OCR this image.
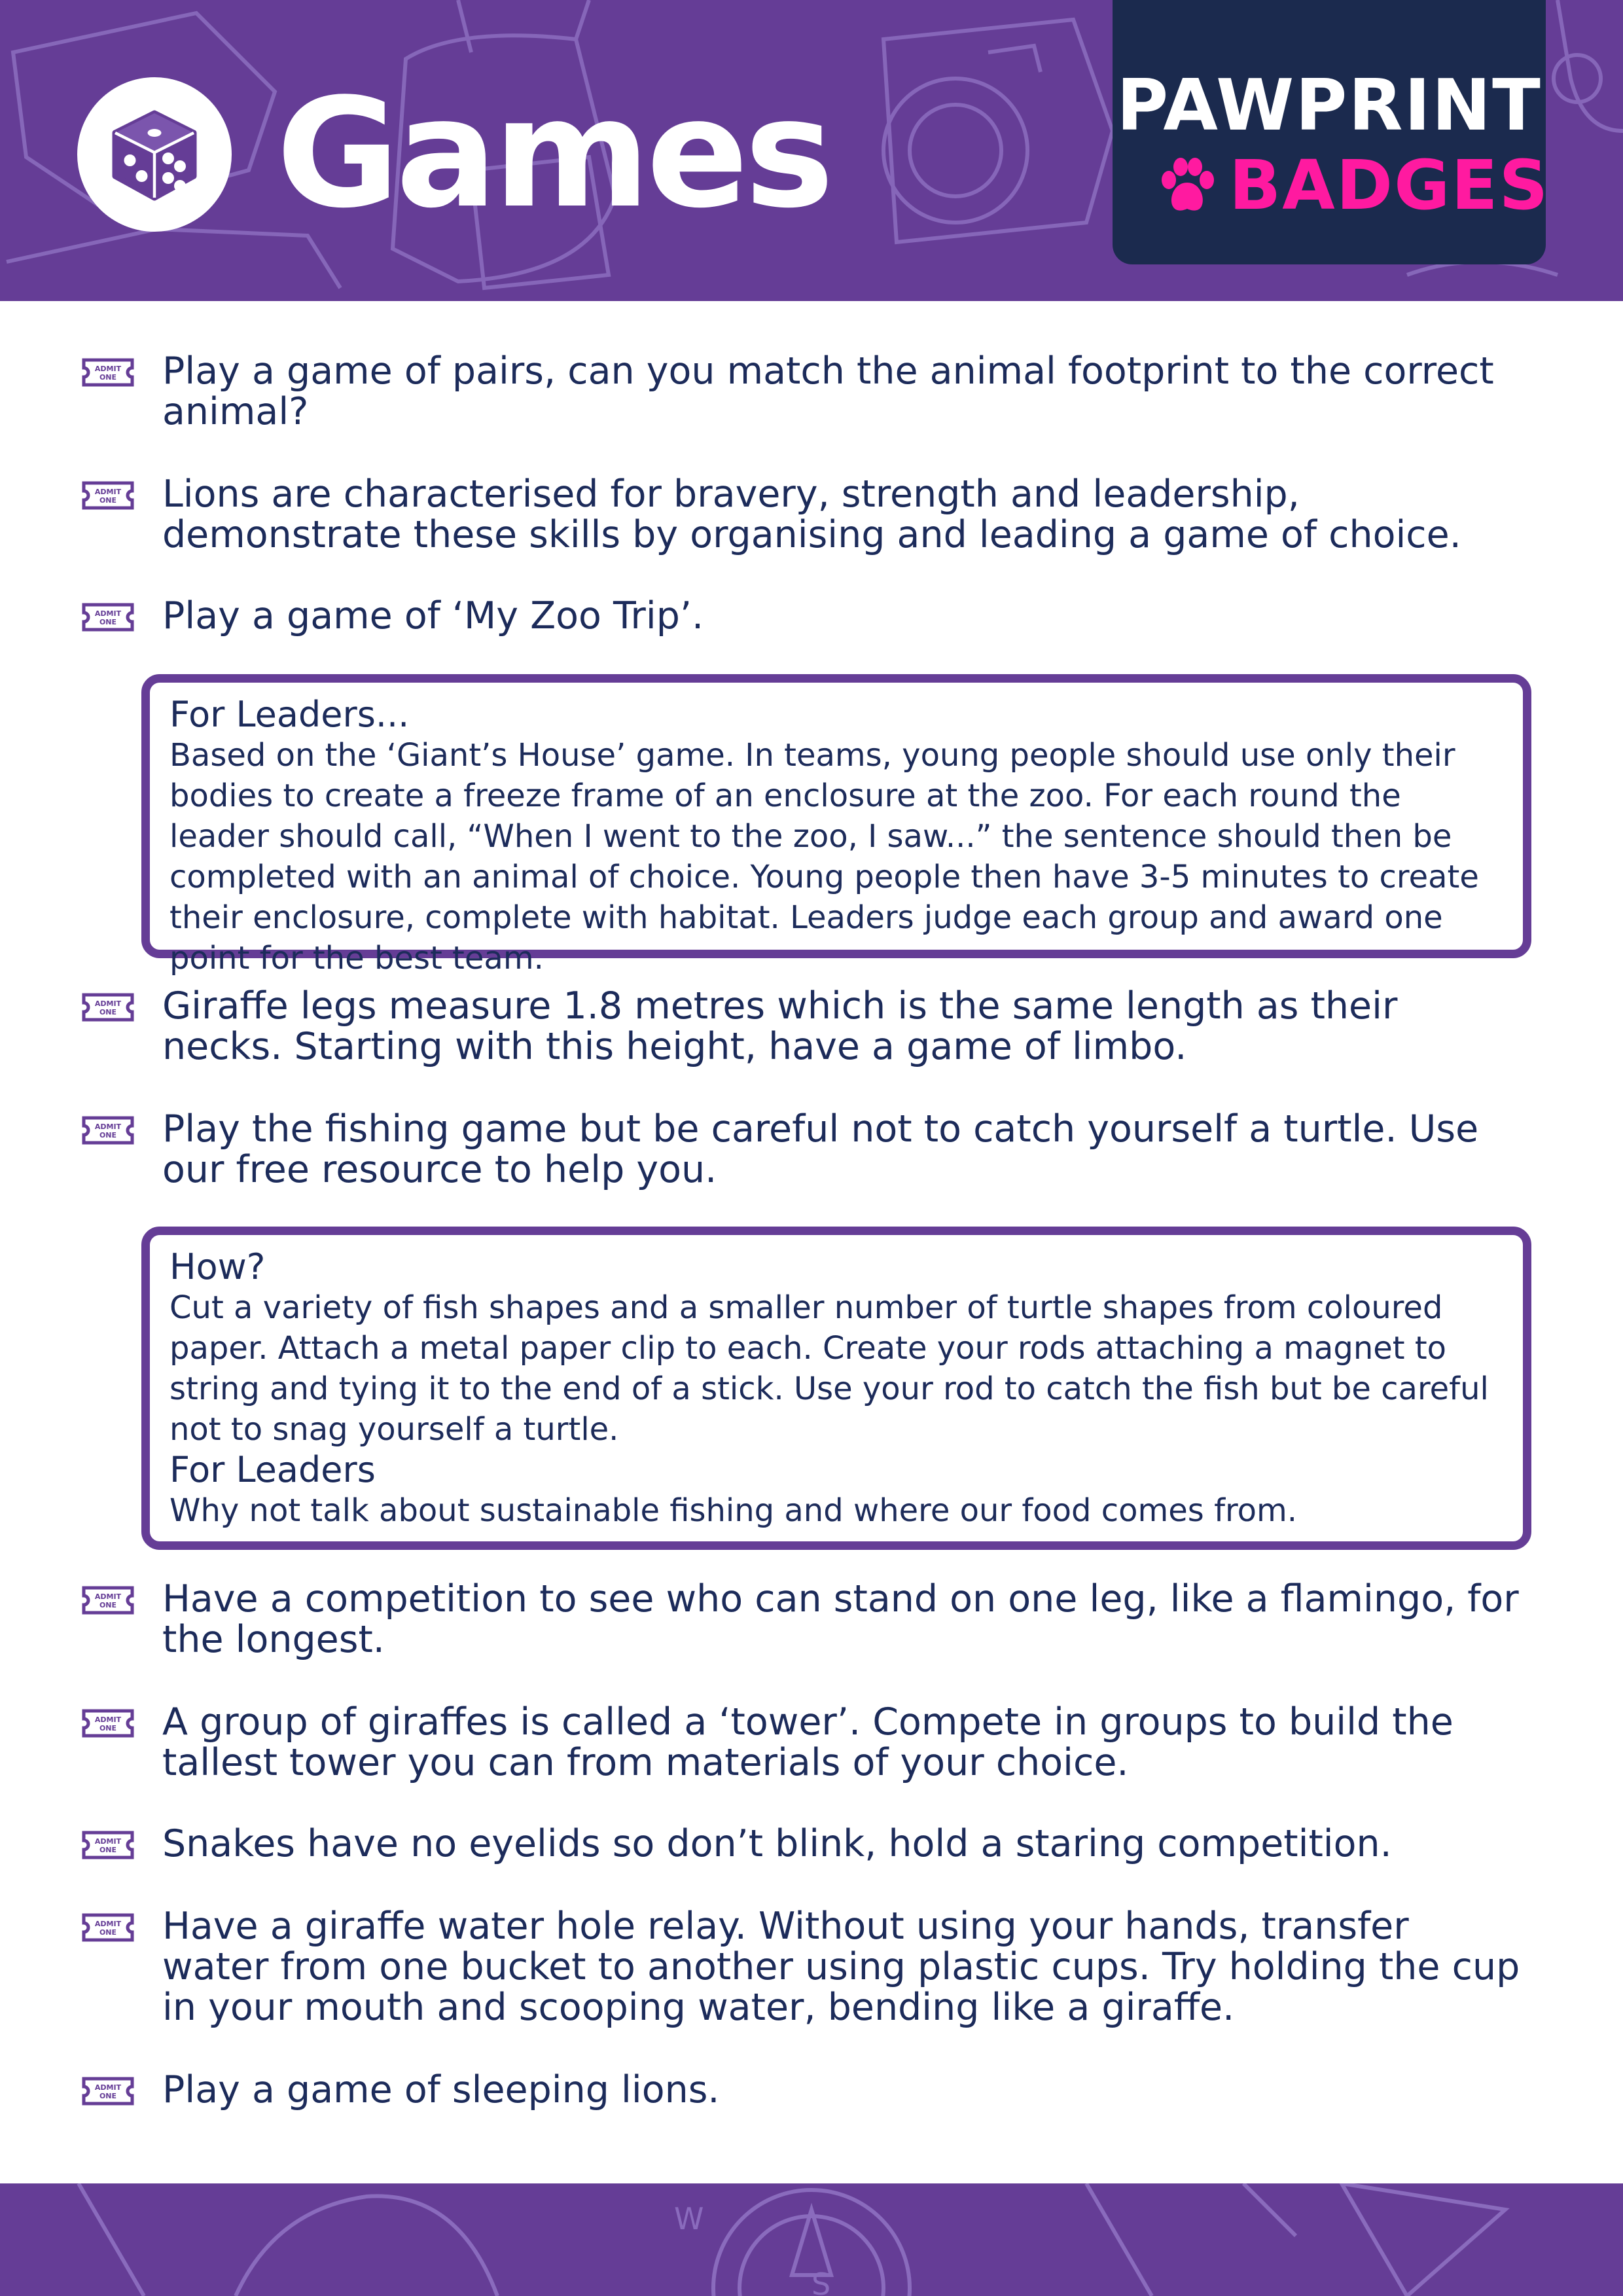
Games	PAWPRINT
BADGES
ADMIT
ONE Play a game of pairs, can you match the animal footprint to the correct animal?
ADMIT
ONE Lions are characterised for bravery, strength and leadership, demonstrate these skills by organising and leading a game of choice.
ADMIT
ONE Play a game of ‘My Zoo Trip’.
For Leaders...
Based on the ‘Giant’s House’ game. In teams, young people should use only their bodies to create a freeze frame of an enclosure at the zoo. For each round the leader should call, “When I went to the zoo, I saw...” the sentence should then be completed with an animal of choice. Young people then have 3-5 minutes to create their enclosure, complete with habitat. Leaders judge each group and award one point for the best team.
ADMIT
ONE Giraffe legs measure 1.8 metres which is the same length as their necks. Starting with this height, have a game of limbo.
ADMIT
ONE Play the fishing game but be careful not to catch yourself a turtle. Use our free resource to help you.
How?
Cut a variety of fish shapes and a smaller number of turtle shapes from coloured paper. Attach a metal paper clip to each. Create your rods attaching a magnet to string and tying it to the end of a stick. Use your rod to catch the fish but be careful not to snag yourself a turtle.
For Leaders
Why not talk about sustainable fishing and where our food comes from.
ADMIT
ONE Have a competition to see who can stand on one leg, like a flamingo, for the longest.
ADMIT
ONE A group of giraffes is called a ‘tower’. Compete in groups to build the tallest tower you can from materials of your choice.
ADMIT
ONE Snakes have no eyelids so don’t blink, hold a staring competition.
ADMIT
ONE Have a giraffe water hole relay. Without using your hands, transfer water from one bucket to another using plastic cups. Try holding the cup in your mouth and scooping water, bending like a giraffe.
ADMIT
ONE Play a game of sleeping lions.
W
S
